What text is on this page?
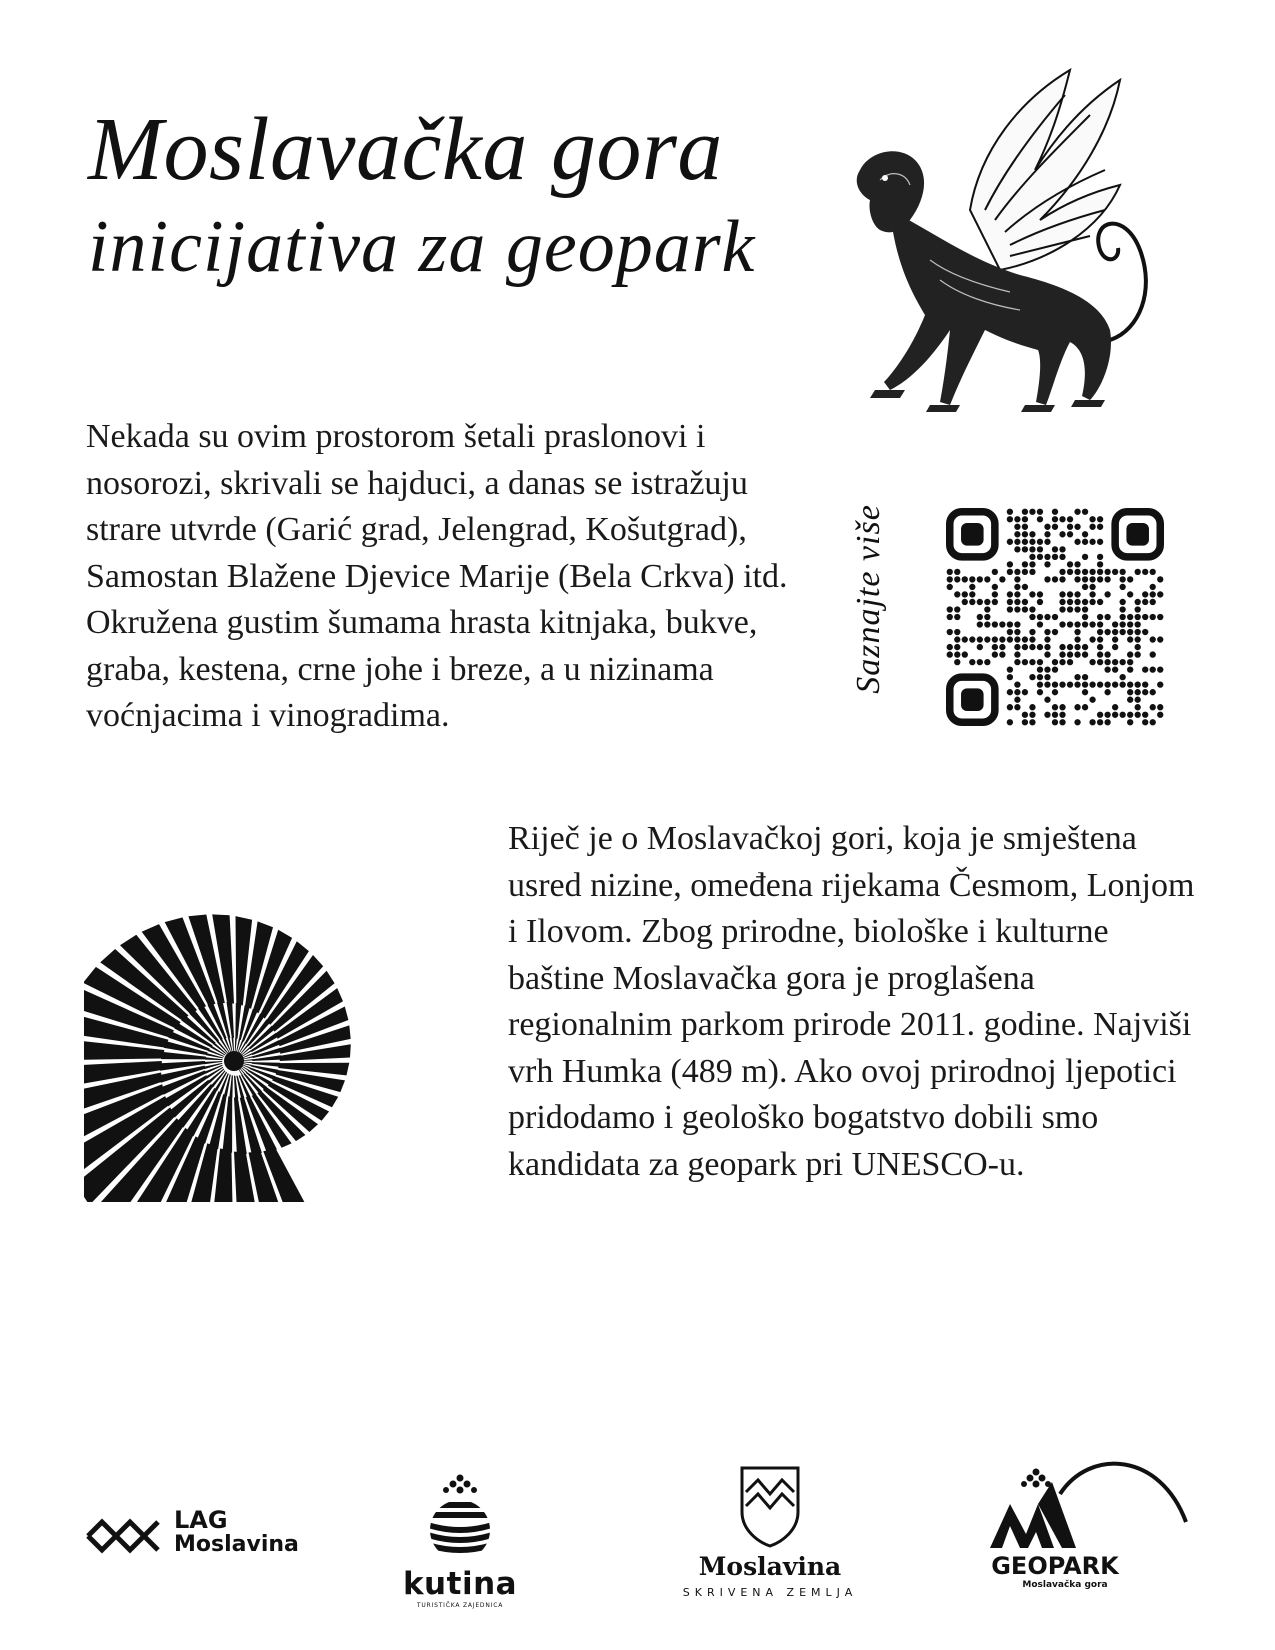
Moslavačka gora
inicijativa za geopark

Nekada su ovim prostorom šetali praslonovi i nosorozi, skrivali se hajduci, a danas se istražuju strare utvrde (Garić grad, Jelengrad, Košutgrad), Samostan Blažene Djevice Marije (Bela Crkva) itd. Okružena gustim šumama hrasta kitnjaka, bukve, graba, kestena, crne johe i breze, a u nizinama voćnjacima i vinogradima.

Saznajte više

Riječ je o Moslavačkoj gori, koja je smještena usred nizine, omeđena rijekama Česmom, Lonjom i Ilovom. Zbog prirodne, biološke i kulturne baštine Moslavačka gora je proglašena regionalnim parkom prirode 2011. godine. Najviši vrh Humka (489 m). Ako ovoj prirodnoj ljepotici pridodamo i geološko bogatstvo dobili smo kandidata za geopark pri UNESCO-u.

LAG
Moslavina
kutina
TURISTIČKA ZAJEDNICA
Moslavina
SKRIVENA ZEMLJA
GEOPARK
Moslavačka gora
